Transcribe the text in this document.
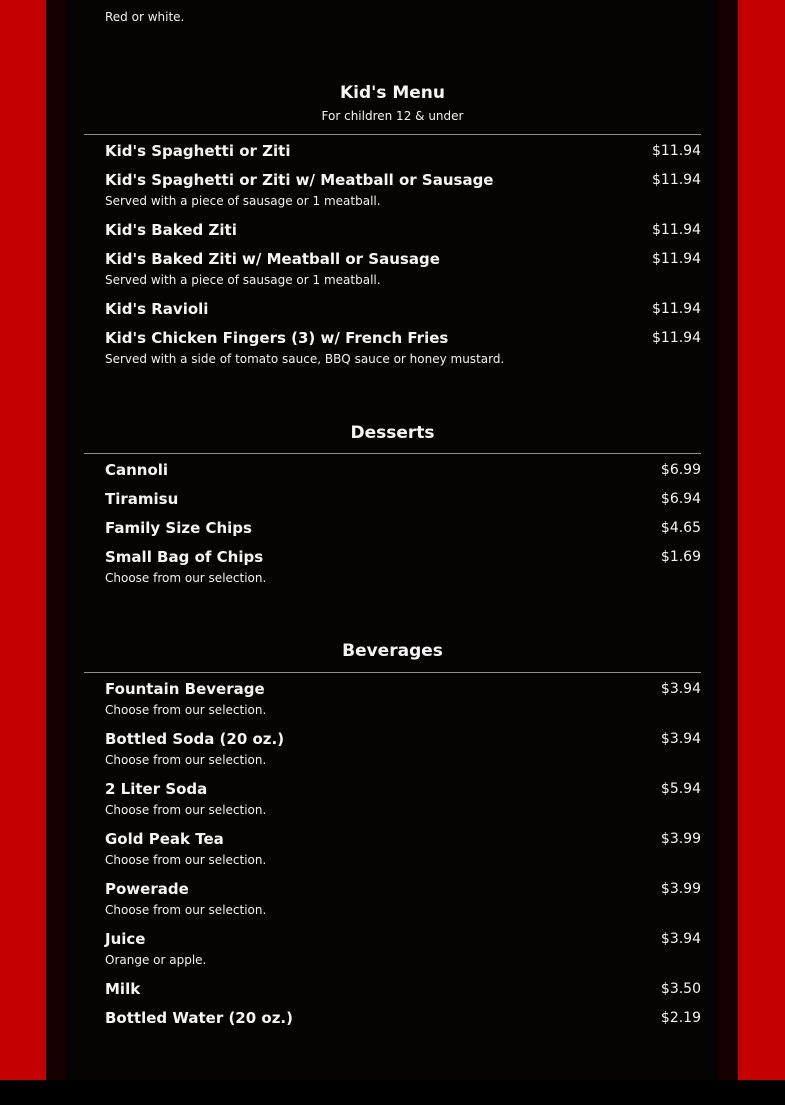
Red or white.
Kid's Menu
For children 12 & under
Kid's Spaghetti or Ziti	$11.94
Kid's Spaghetti or Ziti w/ Meatball or Sausage	$11.94
Served with a piece of sausage or 1 meatball.
Kid's Baked Ziti	$11.94
Kid's Baked Ziti w/ Meatball or Sausage	$11.94
Served with a piece of sausage or 1 meatball.
Kid's Ravioli	$11.94
Kid's Chicken Fingers (3) w/ French Fries	$11.94
Served with a side of tomato sauce, BBQ sauce or honey mustard.
Desserts
Cannoli	$6.99
Tiramisu	$6.94
Family Size Chips	$4.65
Small Bag of Chips	$1.69
Choose from our selection.
Beverages
Fountain Beverage	$3.94
Choose from our selection.
Bottled Soda (20 oz.)	$3.94
Choose from our selection.
2 Liter Soda	$5.94
Choose from our selection.
Gold Peak Tea	$3.99
Choose from our selection.
Powerade	$3.99
Choose from our selection.
Juice	$3.94
Orange or apple.
Milk	$3.50
Bottled Water (20 oz.)	$2.19
